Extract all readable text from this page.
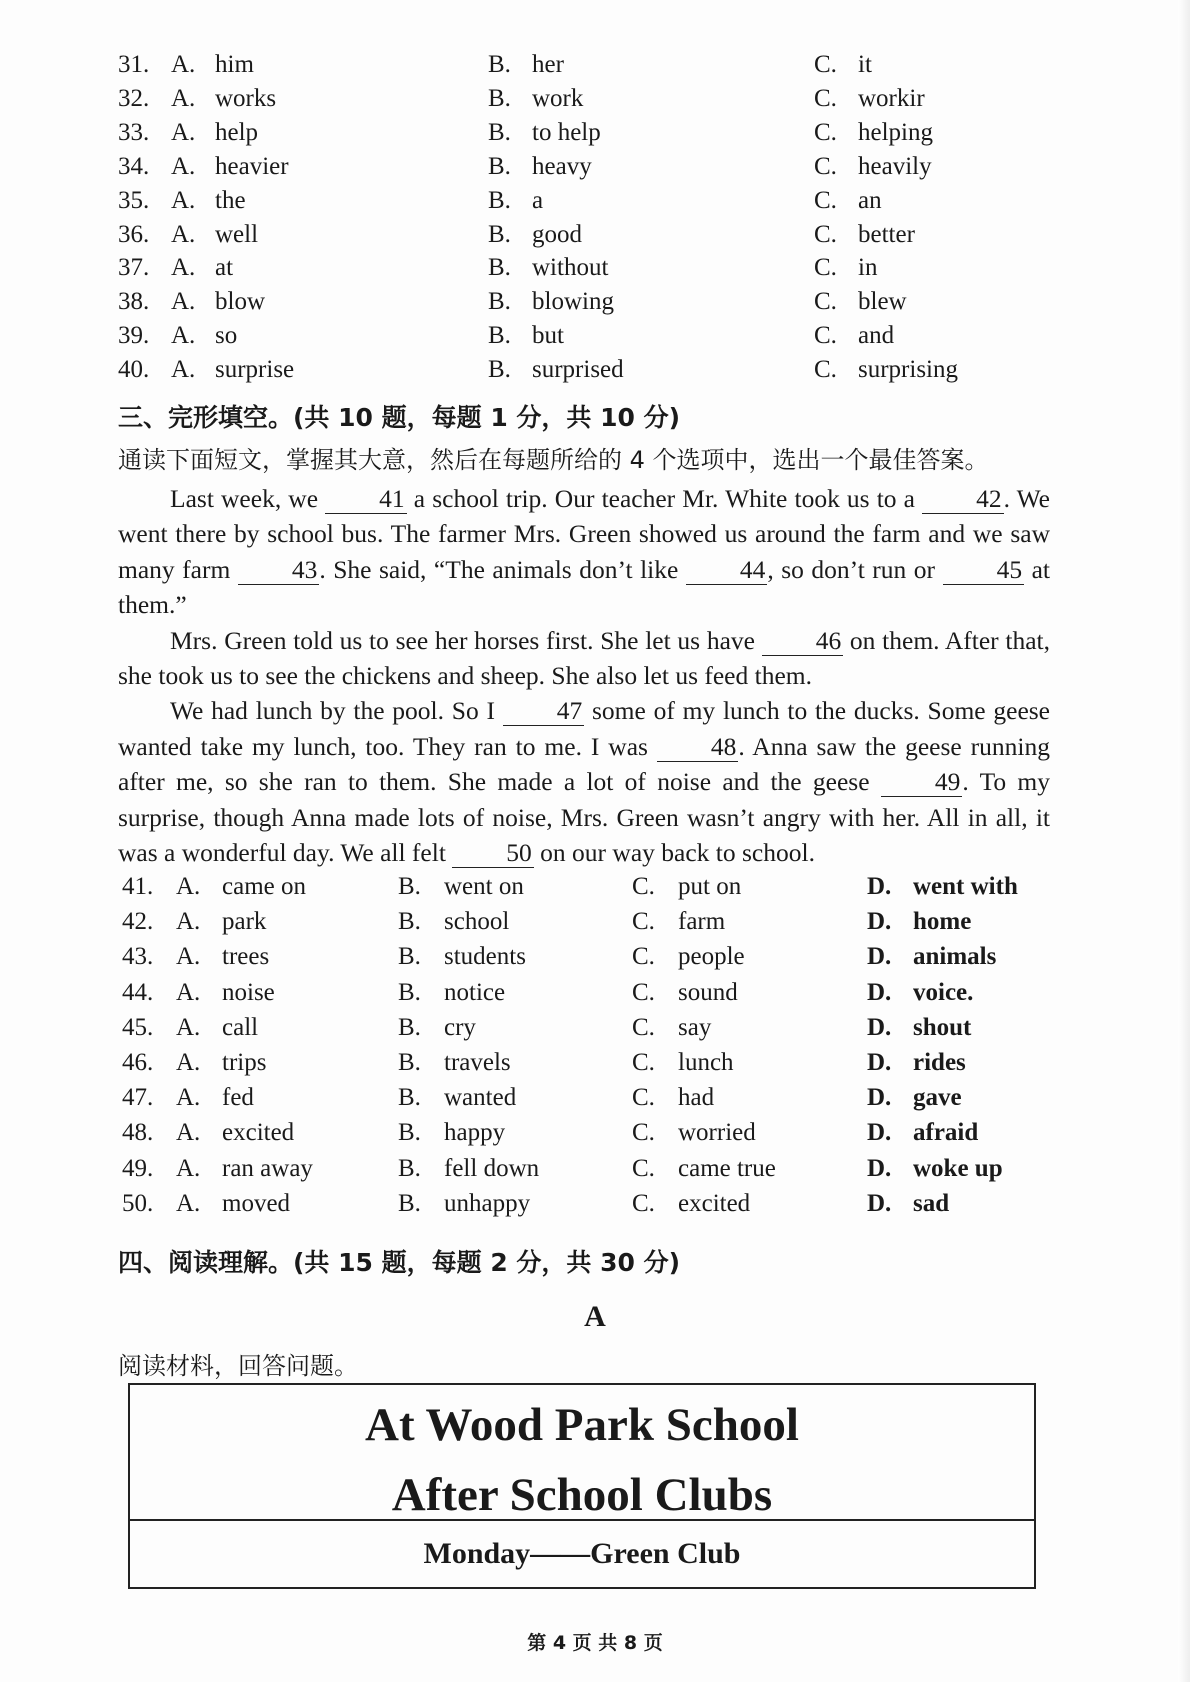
31. A. him	B. her	C. it
32. A. works	B. work	C. workir
33. A. help	B. to help	C. helping
34. A. heavier	B. heavy	C. heavily
35. A. the	B. a	C. an
36. A. well	B. good	C. better
37. A. at	B. without	C. in
38. A. blow	B. blowing	C. blew
39. A. so	B. but	C. and
40. A. surprise	B. surprised	C. surprising
三、完形填空。(共 10 题，每题 1 分，共 10 分)
通读下面短文，掌握其大意，然后在每题所给的 4 个选项中，选出一个最佳答案。

Last week, we 41 a school trip. Our teacher Mr. White took us to a 42. We went there by school bus. The farmer Mrs. Green showed us around the farm and we saw many farm 43. She said, “The animals don’t like 44, so don’t run or 45 at them.”

Mrs. Green told us to see her horses first. She let us have 46 on them. After that, she took us to see the chickens and sheep. She also let us feed them.

We had lunch by the pool. So I 47 some of my lunch to the ducks. Some geese wanted take my lunch, too. They ran to me. I was 48. Anna saw the geese running after me, so she ran to them. She made a lot of noise and the geese 49. To my surprise, though Anna made lots of noise, Mrs. Green wasn’t angry with her. All in all, it was a wonderful day. We all felt 50 on our way back to school.

41. A. came on	B. went on	C. put on	D. went with
42. A. park	B. school	C. farm	D. home
43. A. trees	B. students	C. people	D. animals
44. A. noise	B. notice	C. sound	D. voice.
45. A. call	B. cry	C. say	D. shout
46. A. trips	B. travels	C. lunch	D. rides
47. A. fed	B. wanted	C. had	D. gave
48. A. excited	B. happy	C. worried	D. afraid
49. A. ran away	B. fell down	C. came true	D. woke up
50. A. moved	B. unhappy	C. excited	D. sad
四、阅读理解。(共 15 题，每题 2 分，共 30 分)
A
阅读材料，回答问题。
At Wood Park School
After School Clubs
Monday——Green Club
第 4 页 共 8 页
